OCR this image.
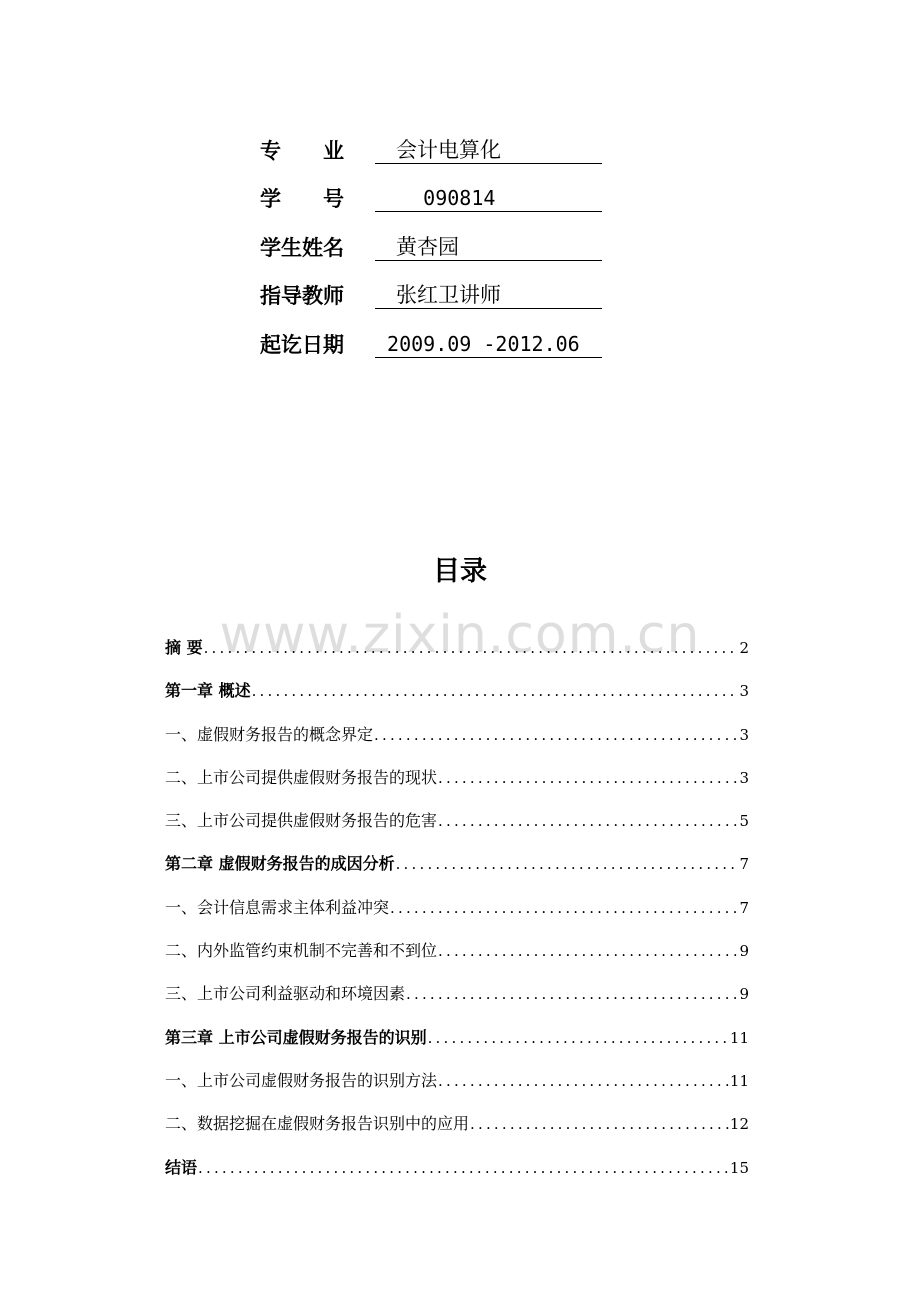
专　　业	　会计电算化
学　　号	090814
学生姓名	　黄杏园
指导教师	　张红卫讲师
起讫日期	2009.09 -2012.06
目录
www.zixin.com.cn
摘 要 .....	2
第一章 概述 .....	3
一、虚假财务报告的概念界定 .....	3
二、上市公司提供虚假财务报告的现状 .....	3
三、上市公司提供虚假财务报告的危害 .....	5
第二章 虚假财务报告的成因分析 .....	7
一、会计信息需求主体利益冲突 .....	7
二、内外监管约束机制不完善和不到位 .....	9
三、上市公司利益驱动和环境因素 .....	9
第三章 上市公司虚假财务报告的识别 .....	11
一、上市公司虚假财务报告的识别方法 .....	11
二、数据挖掘在虚假财务报告识别中的应用 .....	12
结语 .....	15
